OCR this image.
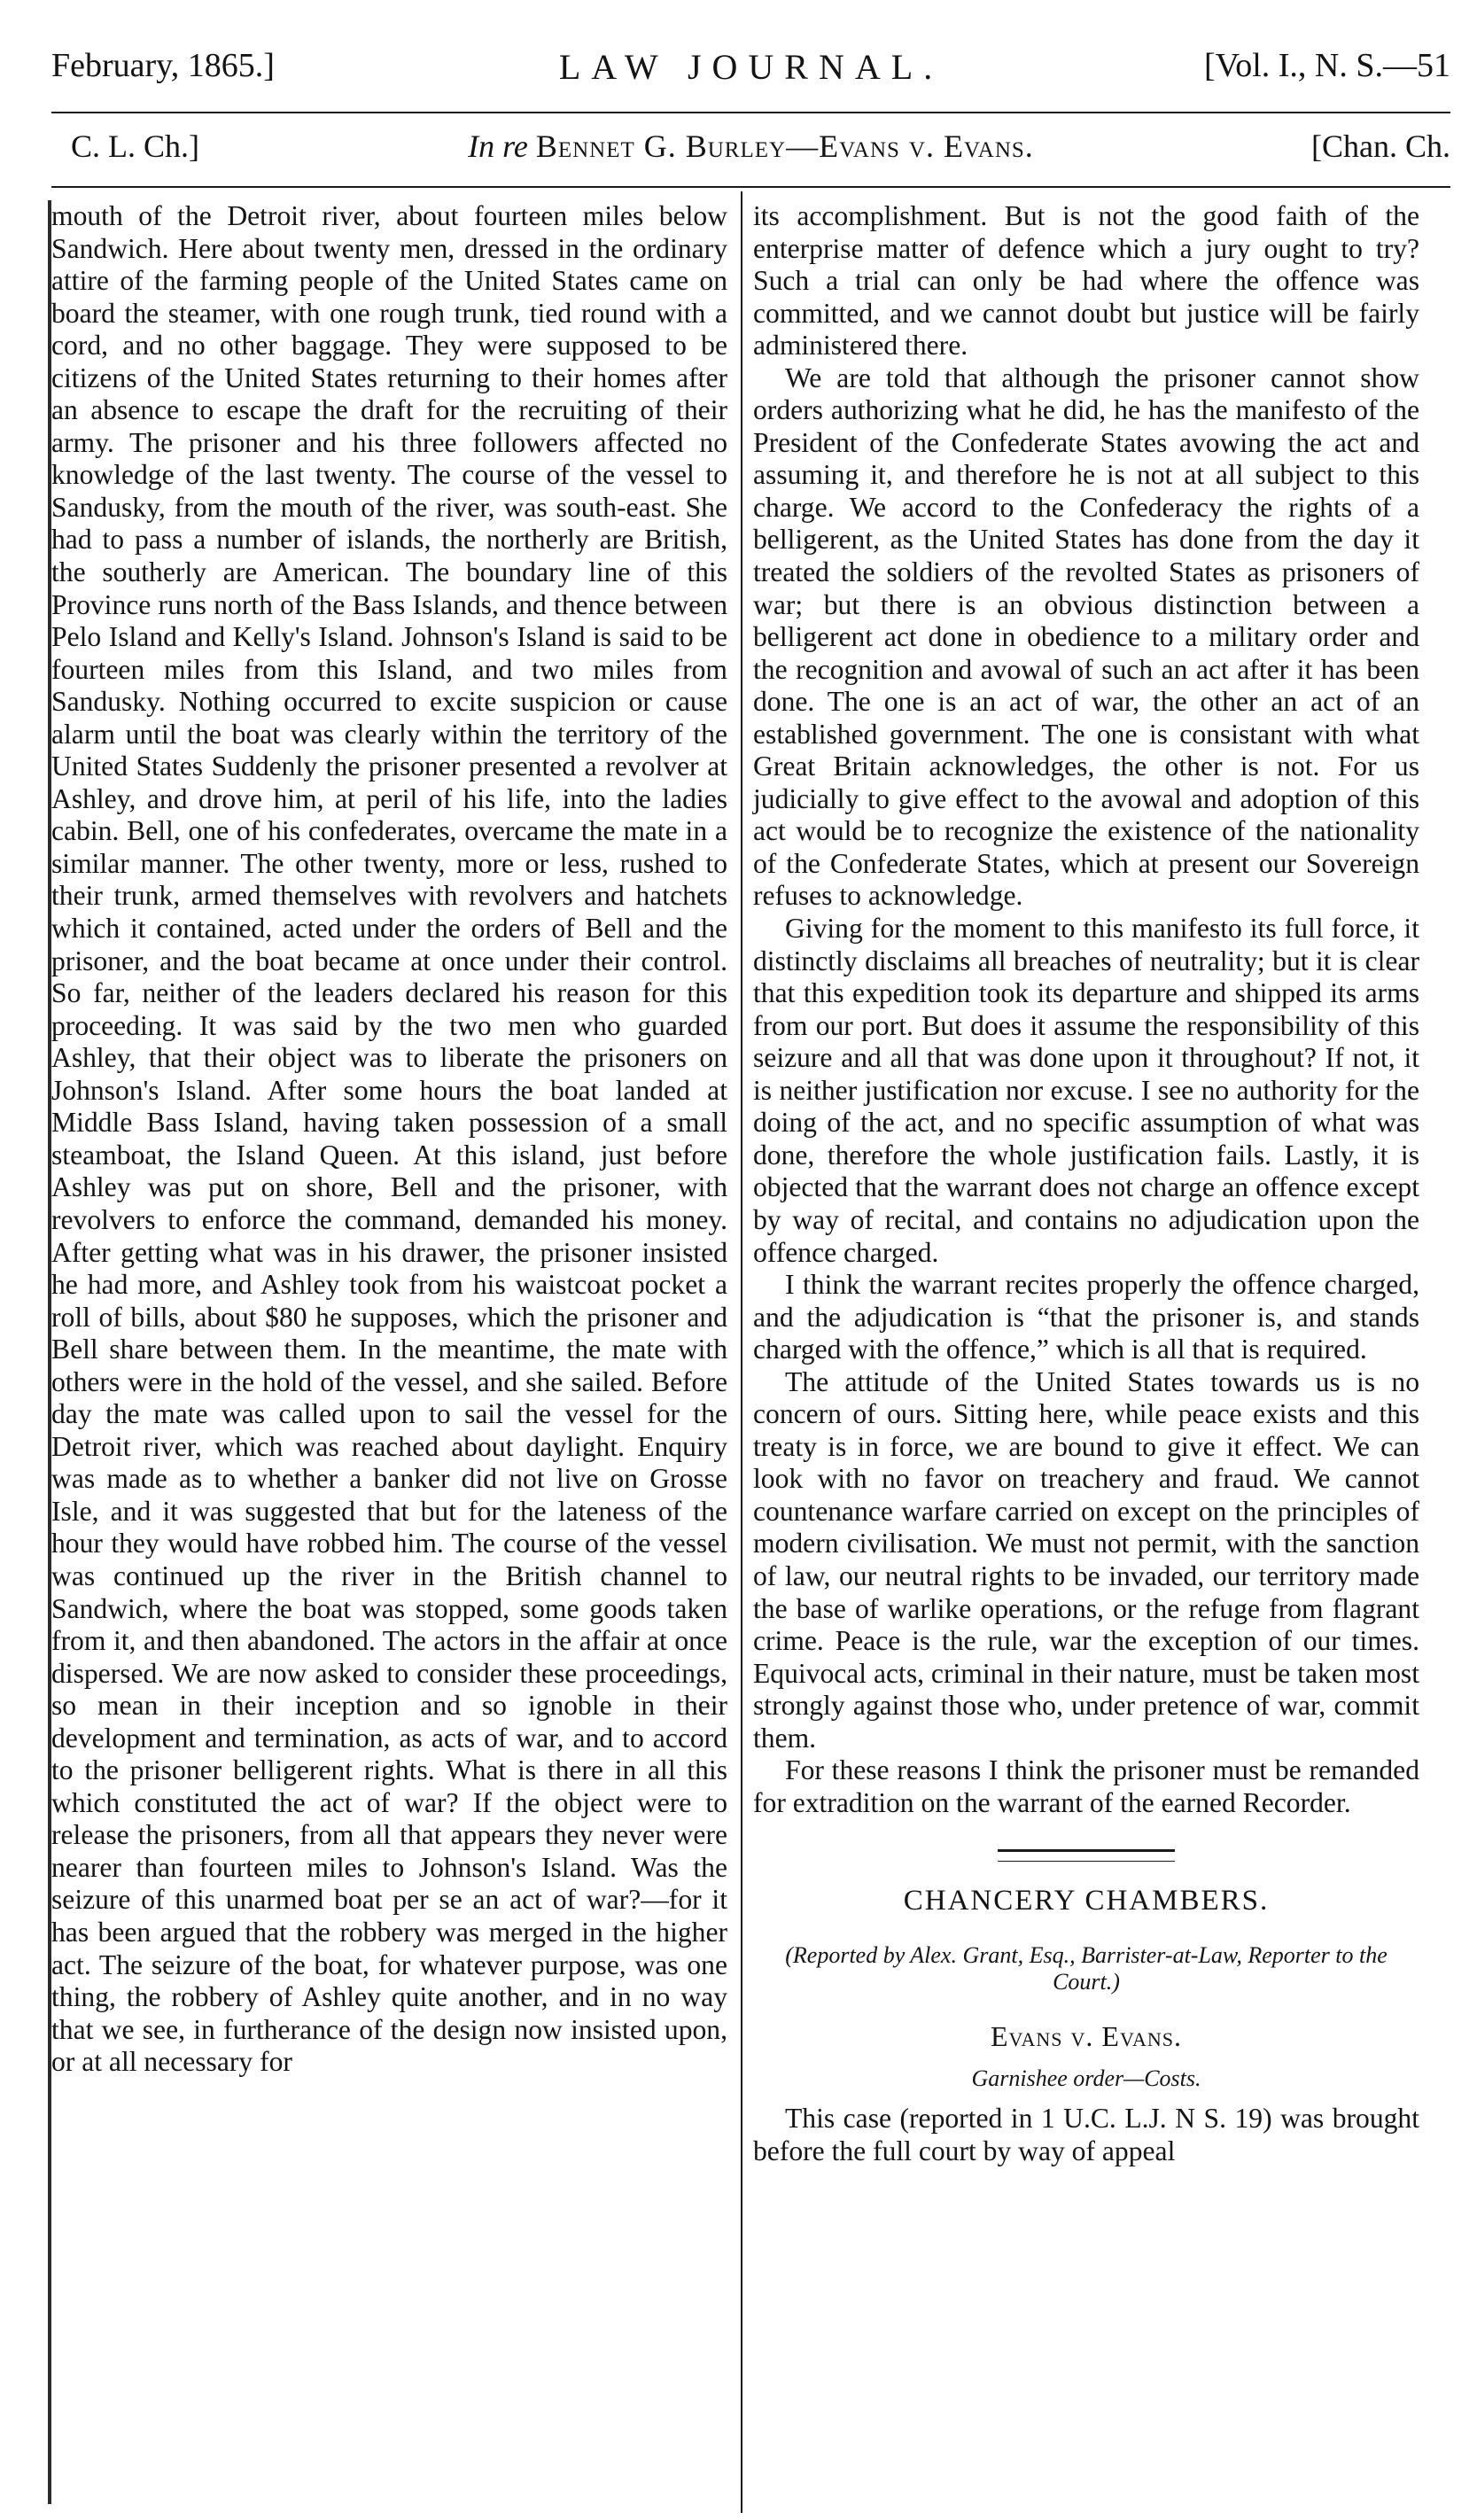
February, 1865.]	LAW JOURNAL.	[Vol. I., N. S.—51
C. L. Ch.]	In re Bennet G. Burley—Evans v. Evans.	[Chan. Ch.

mouth of the Detroit river, about fourteen miles below Sandwich. Here about twenty men, dressed in the ordinary attire of the farming people of the United States came on board the steamer, with one rough trunk, tied round with a cord, and no other baggage. They were supposed to be citizens of the United States returning to their homes after an absence to escape the draft for the recruiting of their army. The prisoner and his three followers affected no knowledge of the last twenty. The course of the vessel to Sandusky, from the mouth of the river, was south-east. She had to pass a number of islands, the northerly are British, the southerly are American. The boundary line of this Province runs north of the Bass Islands, and thence between Pelo Island and Kelly's Island. Johnson's Island is said to be fourteen miles from this Island, and two miles from Sandusky. Nothing occurred to excite suspicion or cause alarm until the boat was clearly within the territory of the United States Suddenly the prisoner presented a revolver at Ashley, and drove him, at peril of his life, into the ladies cabin. Bell, one of his confederates, overcame the mate in a similar manner. The other twenty, more or less, rushed to their trunk, armed themselves with revolvers and hatchets which it contained, acted under the orders of Bell and the prisoner, and the boat became at once under their control. So far, neither of the leaders declared his reason for this proceeding. It was said by the two men who guarded Ashley, that their object was to liberate the prisoners on Johnson's Island. After some hours the boat landed at Middle Bass Island, having taken possession of a small steamboat, the Island Queen. At this island, just before Ashley was put on shore, Bell and the prisoner, with revolvers to enforce the command, demanded his money. After getting what was in his drawer, the prisoner insisted he had more, and Ashley took from his waistcoat pocket a roll of bills, about $80 he supposes, which the prisoner and Bell share between them. In the meantime, the mate with others were in the hold of the vessel, and she sailed. Before day the mate was called upon to sail the vessel for the Detroit river, which was reached about daylight. Enquiry was made as to whether a banker did not live on Grosse Isle, and it was suggested that but for the lateness of the hour they would have robbed him. The course of the vessel was continued up the river in the British channel to Sandwich, where the boat was stopped, some goods taken from it, and then abandoned. The actors in the affair at once dispersed. We are now asked to consider these proceedings, so mean in their inception and so ignoble in their development and termination, as acts of war, and to accord to the prisoner belligerent rights. What is there in all this which constituted the act of war? If the object were to release the prisoners, from all that appears they never were nearer than fourteen miles to Johnson's Island. Was the seizure of this unarmed boat per se an act of war?—for it has been argued that the robbery was merged in the higher act. The seizure of the boat, for whatever purpose, was one thing, the robbery of Ashley quite another, and in no way that we see, in furtherance of the design now insisted upon, or at all necessary for

its accomplishment. But is not the good faith of the enterprise matter of defence which a jury ought to try? Such a trial can only be had where the offence was committed, and we cannot doubt but justice will be fairly administered there.

We are told that although the prisoner cannot show orders authorizing what he did, he has the manifesto of the President of the Confederate States avowing the act and assuming it, and therefore he is not at all subject to this charge. We accord to the Confederacy the rights of a belligerent, as the United States has done from the day it treated the soldiers of the revolted States as prisoners of war; but there is an obvious distinction between a belligerent act done in obedience to a military order and the recognition and avowal of such an act after it has been done. The one is an act of war, the other an act of an established government. The one is consistant with what Great Britain acknowledges, the other is not. For us judicially to give effect to the avowal and adoption of this act would be to recognize the existence of the nationality of the Confederate States, which at present our Sovereign refuses to acknowledge.

Giving for the moment to this manifesto its full force, it distinctly disclaims all breaches of neutrality; but it is clear that this expedition took its departure and shipped its arms from our port. But does it assume the responsibility of this seizure and all that was done upon it throughout? If not, it is neither justification nor excuse. I see no authority for the doing of the act, and no specific assumption of what was done, therefore the whole justification fails. Lastly, it is objected that the warrant does not charge an offence except by way of recital, and contains no adjudication upon the offence charged.

I think the warrant recites properly the offence charged, and the adjudication is “that the prisoner is, and stands charged with the offence,” which is all that is required.

The attitude of the United States towards us is no concern of ours. Sitting here, while peace exists and this treaty is in force, we are bound to give it effect. We can look with no favor on treachery and fraud. We cannot countenance warfare carried on except on the principles of modern civilisation. We must not permit, with the sanction of law, our neutral rights to be invaded, our territory made the base of warlike operations, or the refuge from flagrant crime. Peace is the rule, war the exception of our times. Equivocal acts, criminal in their nature, must be taken most strongly against those who, under pretence of war, commit them.

For these reasons I think the prisoner must be remanded for extradition on the warrant of the earned Recorder.

CHANCERY CHAMBERS.
(Reported by Alex. Grant, Esq., Barrister-at-Law, Reporter to the Court.)
Evans v. Evans.
Garnishee order—Costs.

This case (reported in 1 U.C. L.J. N S. 19) was brought before the full court by way of appeal
